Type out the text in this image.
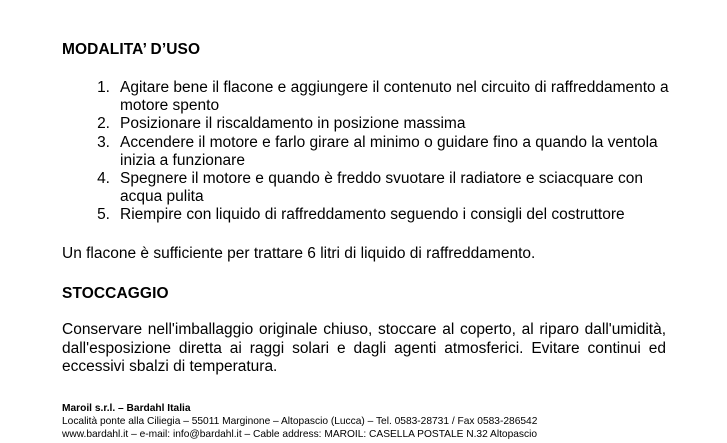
MODALITA’ D’USO
1. Agitare bene il flacone e aggiungere il contenuto nel circuito di raffreddamento a motore spento
2. Posizionare il riscaldamento in posizione massima
3. Accendere il motore e farlo girare al minimo o guidare fino a quando la ventola inizia a funzionare
4. Spegnere il motore e quando è freddo svuotare il radiatore e sciacquare con acqua pulita
5. Riempire con liquido di raffreddamento seguendo i consigli del costruttore

Un flacone è sufficiente per trattare 6 litri di liquido di raffreddamento.

STOCCAGGIO

Conservare nell'imballaggio originale chiuso, stoccare al coperto, al riparo dall'umidità, dall'esposizione diretta ai raggi solari e dagli agenti atmosferici. Evitare continui ed eccessivi sbalzi di temperatura.

Maroil s.r.l. – Bardahl Italia
Località ponte alla Ciliegia – 55011 Marginone – Altopascio (Lucca) – Tel. 0583-28731 / Fax 0583-286542
www.bardahl.it – e-mail: info@bardahl.it – Cable address: MAROIL: CASELLA POSTALE N.32 Altopascio
